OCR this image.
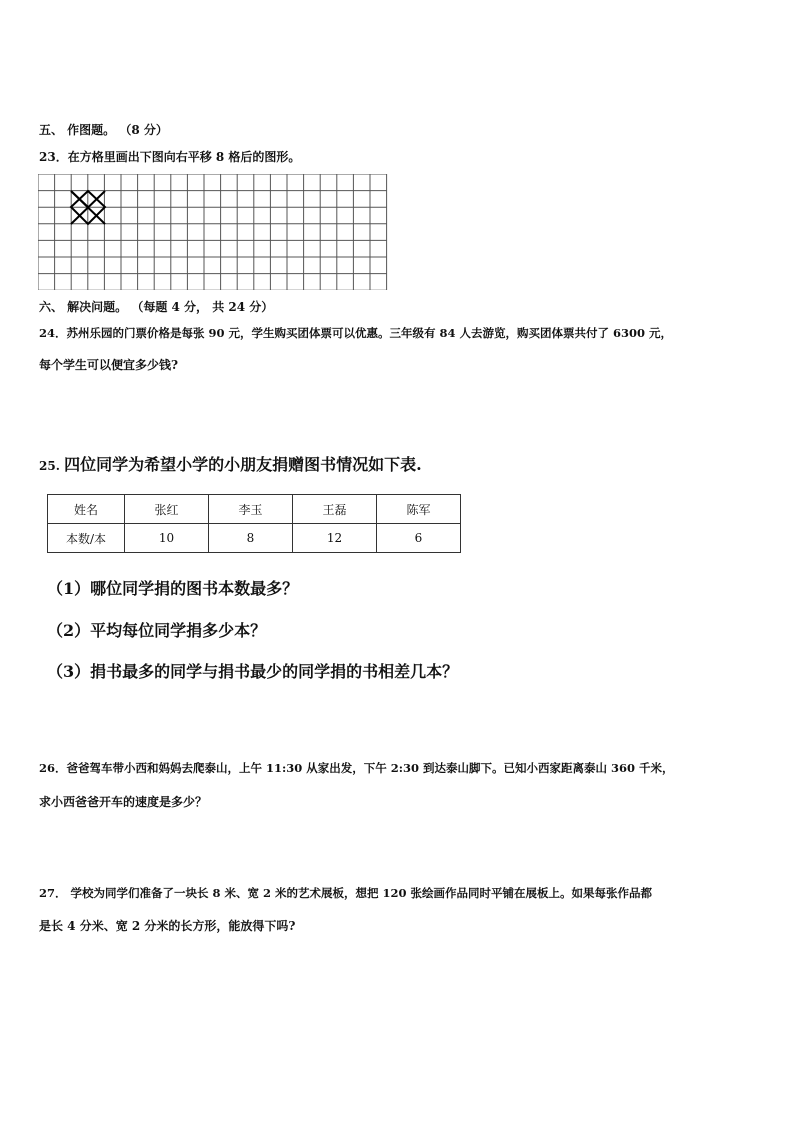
五、 作图题。 （8 分）
23．在方格里画出下图向右平移 8 格后的图形。
六、 解决问题。 （每题 4 分， 共 24 分）
24．苏州乐园的门票价格是每张 90 元，学生购买团体票可以优惠。三年级有 84 人去游览，购买团体票共付了 6300 元，
每个学生可以便宜多少钱?
25. 四位同学为希望小学的小朋友捐赠图书情况如下表.
姓名	张红	李玉	王磊	陈军
本数/本	10	8	12	6
（1）哪位同学捐的图书本数最多？
（2）平均每位同学捐多少本？
（3）捐书最多的同学与捐书最少的同学捐的书相差几本？
26．爸爸驾车带小西和妈妈去爬泰山，上午 11:30 从家出发，下午 2:30 到达泰山脚下。已知小西家距离泰山 360 千米，
求小西爸爸开车的速度是多少？
27． 学校为同学们准备了一块长 8 米、宽 2 米的艺术展板，想把 120 张绘画作品同时平铺在展板上。如果每张作品都
是长 4 分米、宽 2 分米的长方形，能放得下吗?
